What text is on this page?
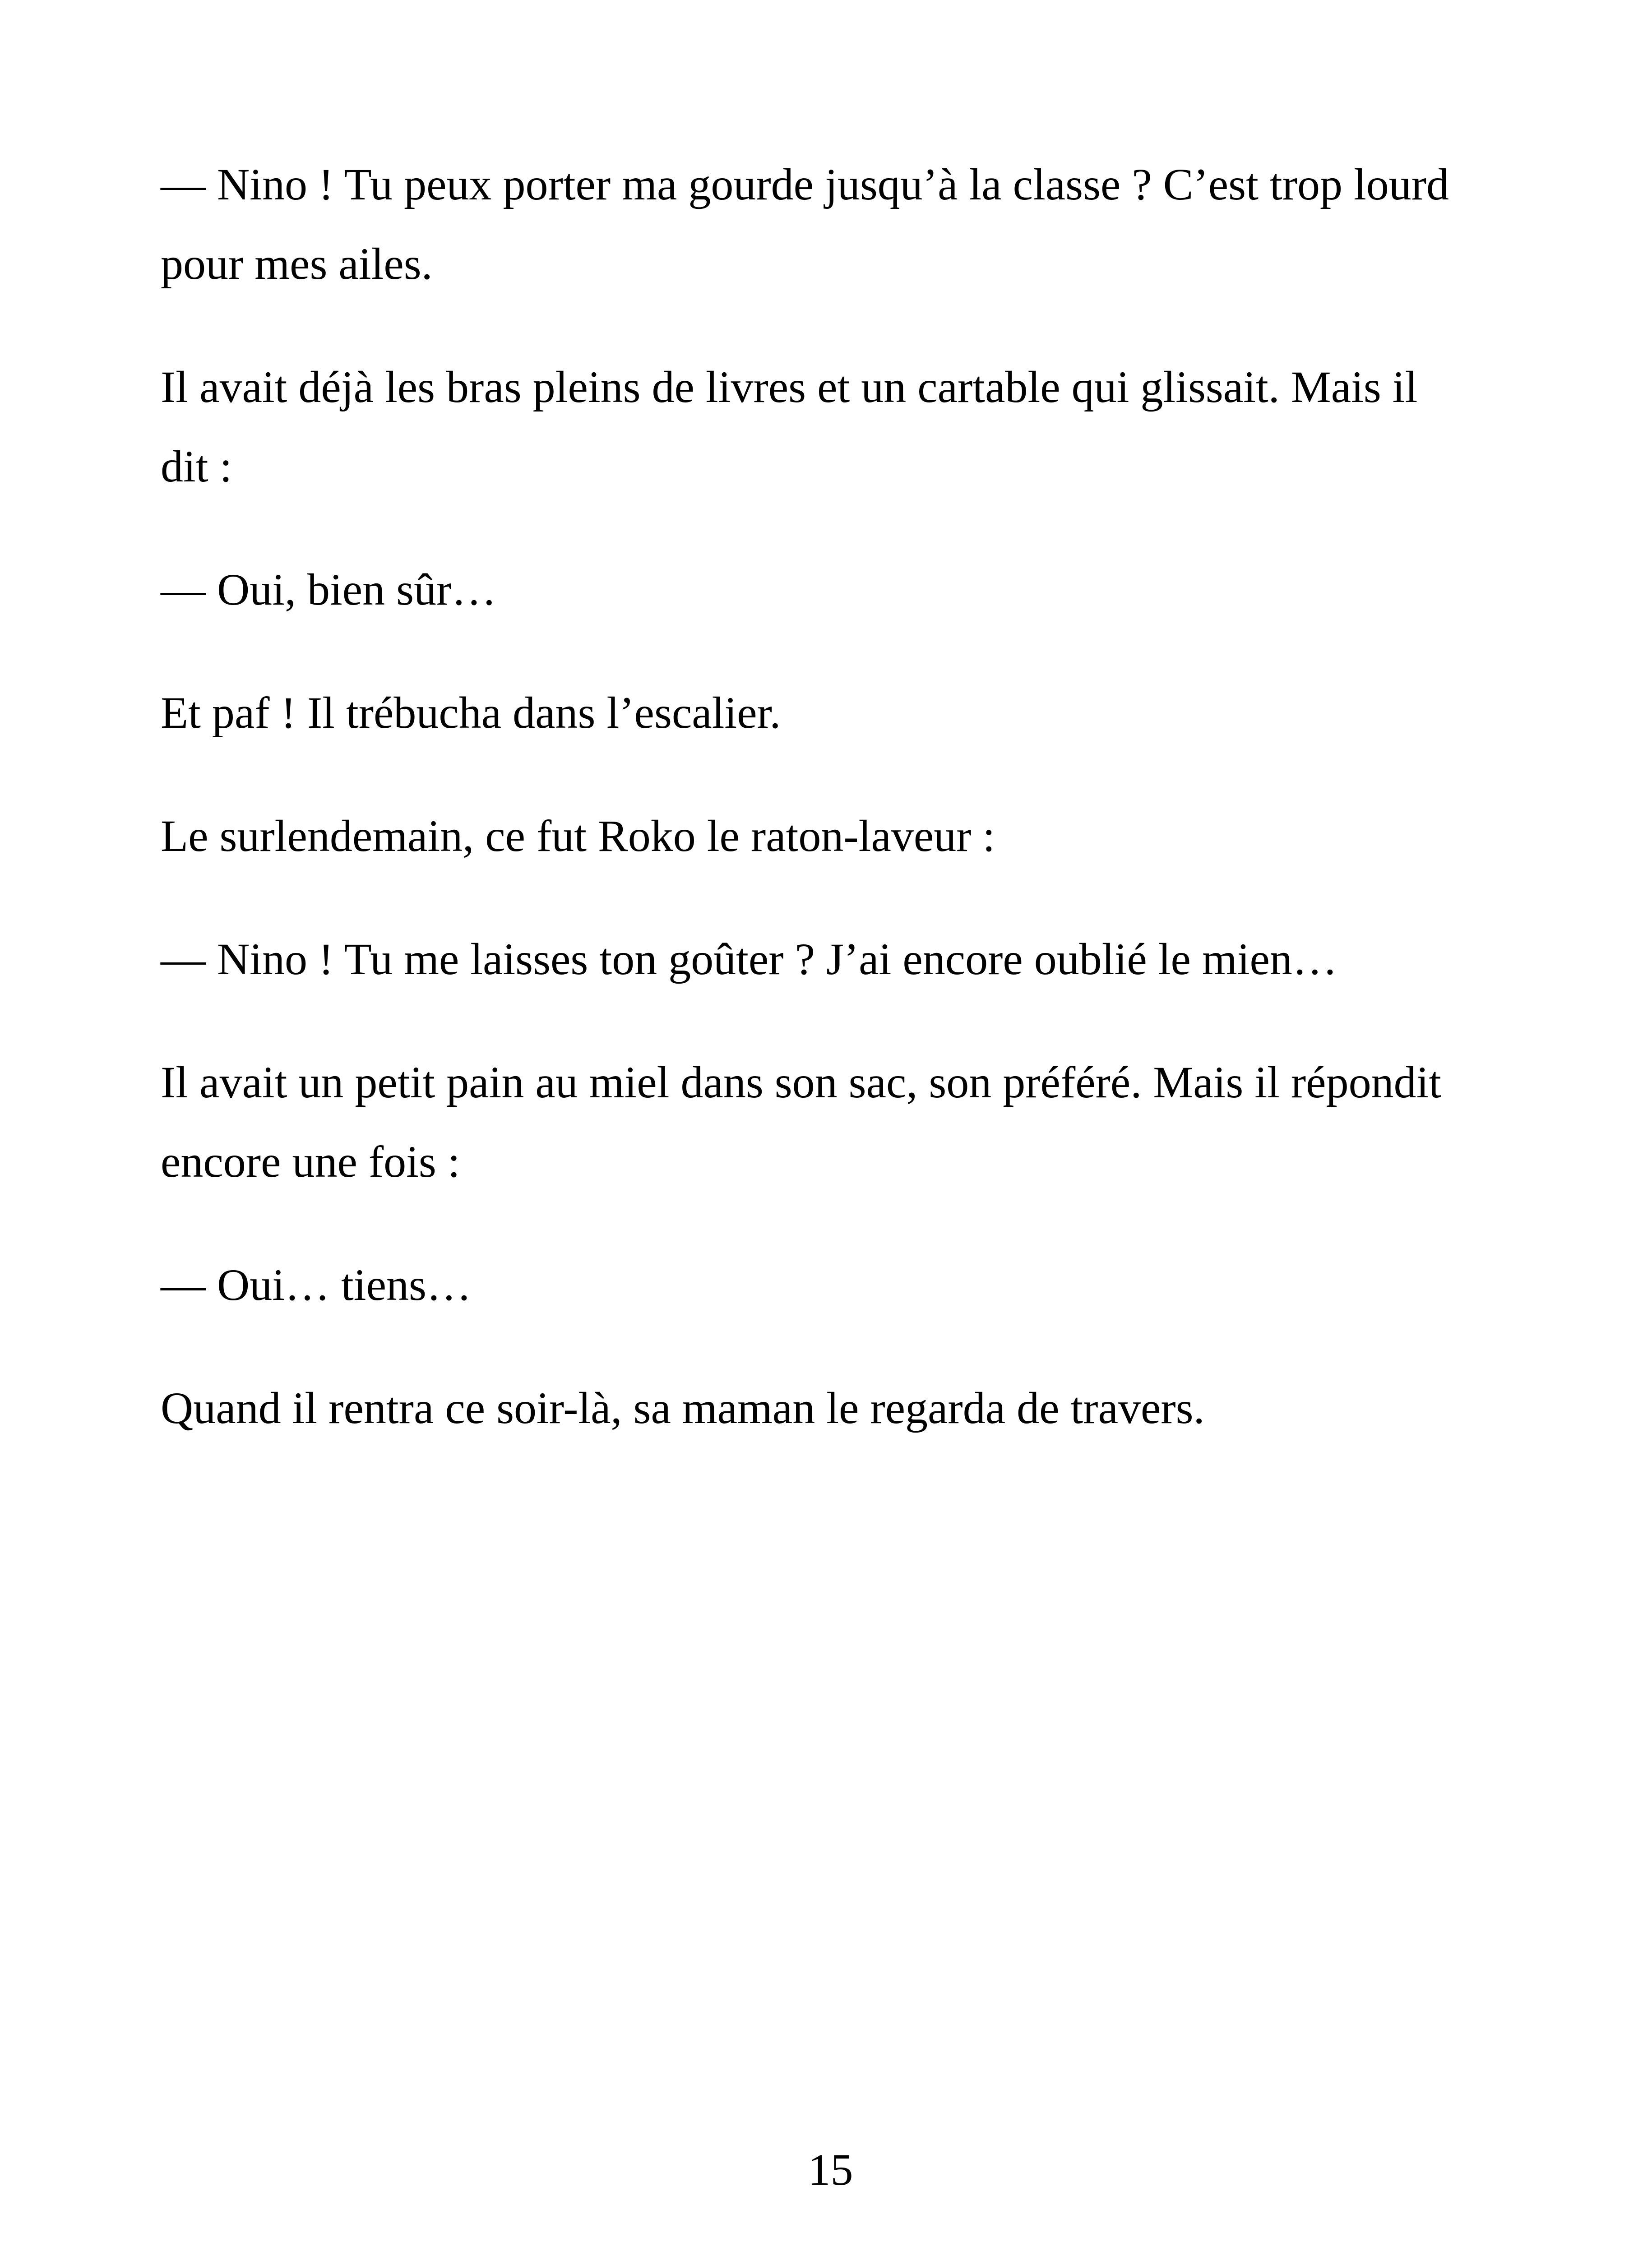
— Nino ! Tu peux porter ma gourde jusqu’à la classe ? C’est trop lourd
pour mes ailes.
Il avait déjà les bras pleins de livres et un cartable qui glissait. Mais il
dit :
— Oui, bien sûr…
Et paf ! Il trébucha dans l’escalier.
Le surlendemain, ce fut Roko le raton-laveur :
— Nino ! Tu me laisses ton goûter ? J’ai encore oublié le mien…
Il avait un petit pain au miel dans son sac, son préféré. Mais il répondit
encore une fois :
— Oui… tiens…
Quand il rentra ce soir-là, sa maman le regarda de travers.
15
